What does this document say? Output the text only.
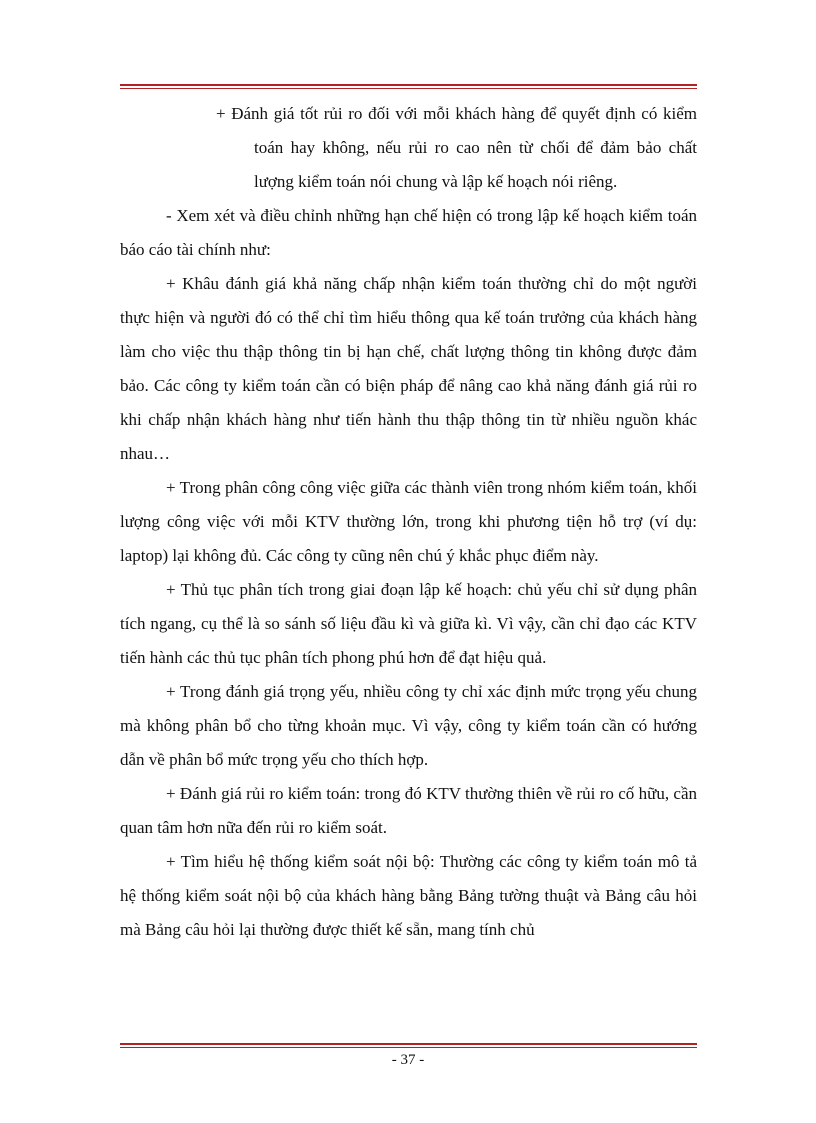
+ Đánh giá tốt rủi ro đối với mỗi khách hàng để quyết định có kiểm toán hay không, nếu rủi ro cao nên từ chối để đảm bảo chất lượng kiểm toán nói chung và lập kế hoạch nói riêng.

- Xem xét và điều chỉnh những hạn chế hiện có trong lập kế hoạch kiểm toán báo cáo tài chính như:

+ Khâu đánh giá khả năng chấp nhận kiểm toán thường chỉ do một người thực hiện và người đó có thể chỉ tìm hiểu thông qua kế toán trưởng của khách hàng làm cho việc thu thập thông tin bị hạn chế, chất lượng thông tin không được đảm bảo. Các công ty kiểm toán cần có biện pháp để nâng cao khả năng đánh giá rủi ro khi chấp nhận khách hàng như tiến hành thu thập thông tin từ nhiều nguồn khác nhau…

+ Trong phân công công việc giữa các thành viên trong nhóm kiểm toán, khối lượng công việc với mỗi KTV thường lớn, trong khi phương tiện hỗ trợ (ví dụ: laptop) lại không đủ. Các công ty cũng nên chú ý khắc phục điểm này.

+ Thủ tục phân tích trong giai đoạn lập kế hoạch: chủ yếu chỉ sử dụng phân tích ngang, cụ thể là so sánh số liệu đầu kì và giữa kì. Vì vậy, cần chỉ đạo các KTV tiến hành các thủ tục phân tích phong phú hơn để đạt hiệu quả.

+ Trong đánh giá trọng yếu, nhiều công ty chỉ xác định mức trọng yếu chung mà không phân bổ cho từng khoản mục. Vì vậy, công ty kiểm toán cần có hướng dẫn về phân bổ mức trọng yếu cho thích hợp.

+ Đánh giá rủi ro kiểm toán: trong đó KTV thường thiên về rủi ro cố hữu, cần quan tâm hơn nữa đến rủi ro kiểm soát.

+ Tìm hiểu hệ thống kiểm soát nội bộ: Thường các công ty kiểm toán mô tả hệ thống kiểm soát nội bộ của khách hàng bằng Bảng tường thuật và Bảng câu hỏi mà Bảng câu hỏi lại thường được thiết kế sẵn, mang tính chủ

- 37 -
